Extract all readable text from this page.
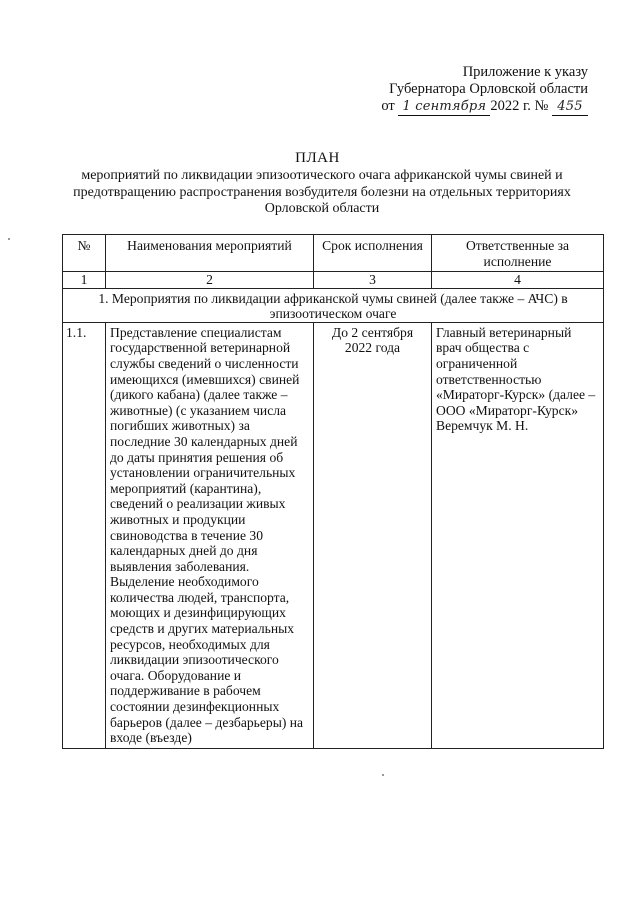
Приложение к указу
Губернатора Орловской области
от 1 сентября 2022 г. № 455
ПЛАН
мероприятий по ликвидации эпизоотического очага африканской чумы свиней и предотвращению распространения возбудителя болезни на отдельных территориях Орловской области
№	Наименования мероприятий	Срок исполнения	Ответственные за исполнение
1	2	3	4
1. Мероприятия по ликвидации африканской чумы свиней (далее также – АЧС) в эпизоотическом очаге			
1.1.	Представление специалистам государственной ветеринарной службы сведений о численности имеющихся (имевшихся) свиней (дикого кабана) (далее также – животные) (с указанием числа погибших животных) за последние 30 календарных дней до даты принятия решения об установлении ограничительных мероприятий (карантина), сведений о реализации живых животных и продукции свиноводства в течение 30 календарных дней до дня выявления заболевания. Выделение необходимого количества людей, транспорта, моющих и дезинфицирующих средств и других материальных ресурсов, необходимых для ликвидации эпизоотического очага. Оборудование и поддерживание в рабочем состоянии дезинфекционных барьеров (далее – дезбарьеры) на входе (въезде)	До 2 сентября 2022 года	Главный ветеринарный врач общества с ограниченной ответственностью «Мираторг-Курск» (далее – ООО «Мираторг-Курск» Веремчук М. Н.
